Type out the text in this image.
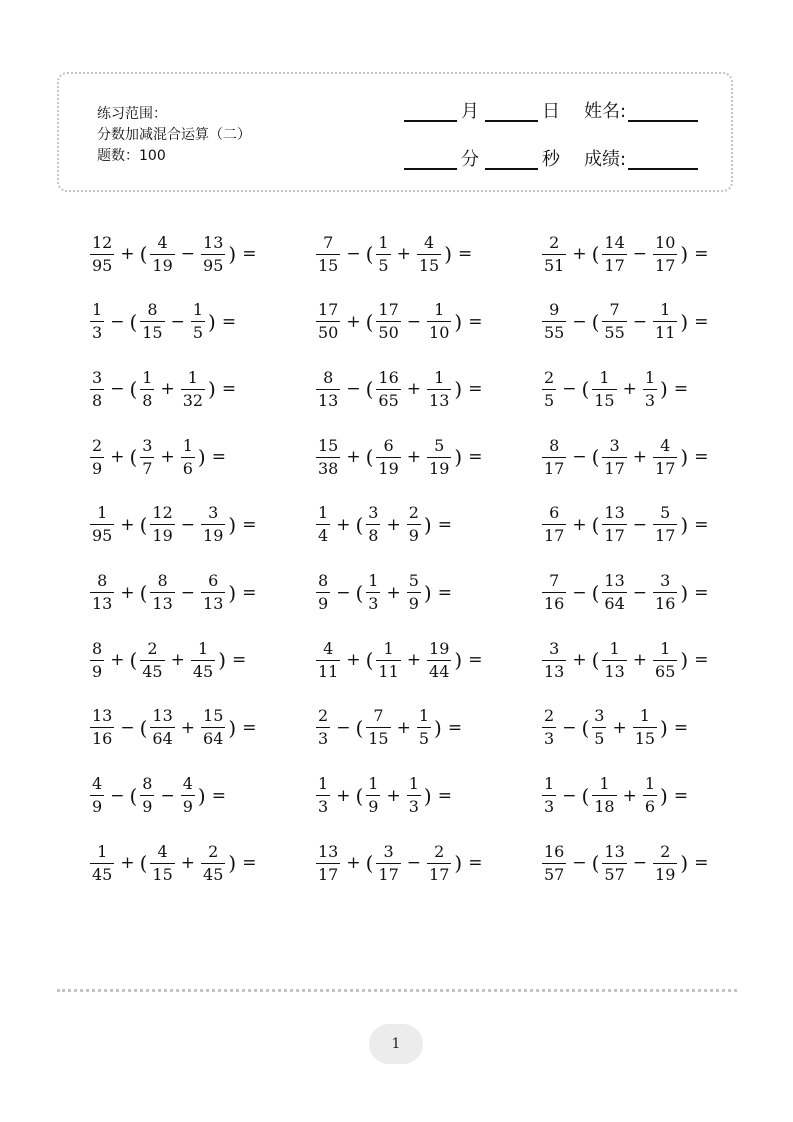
练习范围：
分数加减混合运算（二）
题数：100
月	日 姓名:
分	秒 成绩:
$\frac{12}{95}$ + ( $\frac{4}{19} - \frac{13}{95}$ ) =	$\frac{7}{15}$ − ( $\frac{1}{5} + \frac{4}{15}$ ) =	$\frac{2}{51}$ + ( $\frac{14}{17} - \frac{10}{17}$ ) =
$\frac{1}{3}$ − ( $\frac{8}{15} - \frac{1}{5}$ ) =	$\frac{17}{50}$ + ( $\frac{17}{50} - \frac{1}{10}$ ) =	$\frac{9}{55}$ − ( $\frac{7}{55} - \frac{1}{11}$ ) =
$\frac{3}{8}$ − ( $\frac{1}{8} + \frac{1}{32}$ ) =	$\frac{8}{13}$ − ( $\frac{16}{65} + \frac{1}{13}$ ) =	$\frac{2}{5}$ − ( $\frac{1}{15} + \frac{1}{3}$ ) =
$\frac{2}{9}$ + ( $\frac{3}{7} + \frac{1}{6}$ ) =	$\frac{15}{38}$ + ( $\frac{6}{19} + \frac{5}{19}$ ) =	$\frac{8}{17}$ − ( $\frac{3}{17} + \frac{4}{17}$ ) =
$\frac{1}{95}$ + ( $\frac{12}{19} - \frac{3}{19}$ ) =	$\frac{1}{4}$ + ( $\frac{3}{8} + \frac{2}{9}$ ) =	$\frac{6}{17}$ + ( $\frac{13}{17} - \frac{5}{17}$ ) =
$\frac{8}{13}$ + ( $\frac{8}{13} - \frac{6}{13}$ ) =	$\frac{8}{9}$ − ( $\frac{1}{3} + \frac{5}{9}$ ) =	$\frac{7}{16}$ − ( $\frac{13}{64} - \frac{3}{16}$ ) =
$\frac{8}{9}$ + ( $\frac{2}{45} + \frac{1}{45}$ ) =	$\frac{4}{11}$ + ( $\frac{1}{11} + \frac{19}{44}$ ) =	$\frac{3}{13}$ + ( $\frac{1}{13} + \frac{1}{65}$ ) =
$\frac{13}{16}$ − ( $\frac{13}{64} + \frac{15}{64}$ ) =	$\frac{2}{3}$ − ( $\frac{7}{15} + \frac{1}{5}$ ) =	$\frac{2}{3}$ − ( $\frac{3}{5} + \frac{1}{15}$ ) =
$\frac{4}{9}$ − ( $\frac{8}{9} - \frac{4}{9}$ ) =	$\frac{1}{3}$ + ( $\frac{1}{9} + \frac{1}{3}$ ) =	$\frac{1}{3}$ − ( $\frac{1}{18} + \frac{1}{6}$ ) =
$\frac{1}{45}$ + ( $\frac{4}{15} + \frac{2}{45}$ ) =	$\frac{13}{17}$ + ( $\frac{3}{17} - \frac{2}{17}$ ) =	$\frac{16}{57}$ − ( $\frac{13}{57} - \frac{2}{19}$ ) =
1
